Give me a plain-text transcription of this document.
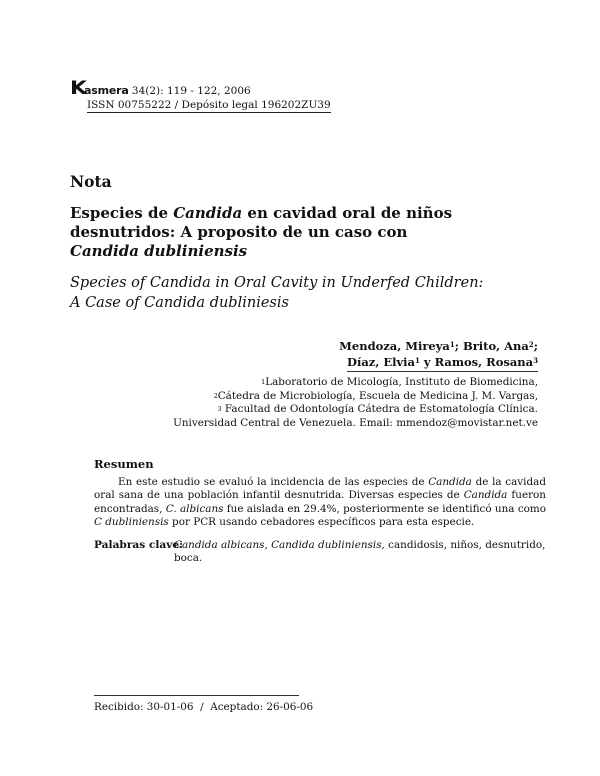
K
asmera 34(2): 119 - 122, 2006
ISSN 00755222 / Depósito legal 196202ZU39
Nota
Especies de Candida en cavidad oral de niños desnutridos: A proposito de un caso con
Candida dubliniensis
Species of Candida in Oral Cavity in Underfed Children:
A Case of Candida dubliniesis
Mendoza, Mireya$^1$; Brito, Ana$^2$;
Díaz, Elvia$^1$ y Ramos, Rosana$^3$
$^1$Laboratorio de Micología, Instituto de Biomedicina,
$^2$Cátedra de Microbiología, Escuela de Medicina J. M. Vargas,
$^3$ Facultad de Odontología Cátedra de Estomatología Clínica.
Universidad Central de Venezuela. Email: mmendoz@movistar.net.ve
Resumen
En este estudio se evaluó la incidencia de las especies de Candida de la cavidad oral sana de una población infantil desnutrida. Diversas especies de Candida fueron encontradas, C. albicans fue aislada en 29.4%, posteriormente se identificó una como C dubliniensis por PCR usando cebadores específicos para esta especie.
Palabras clave:
Candida albicans, Candida dubliniensis, candidosis, niños, desnutrido, boca.
Recibido: 30-01-06  /  Aceptado: 26-06-06
